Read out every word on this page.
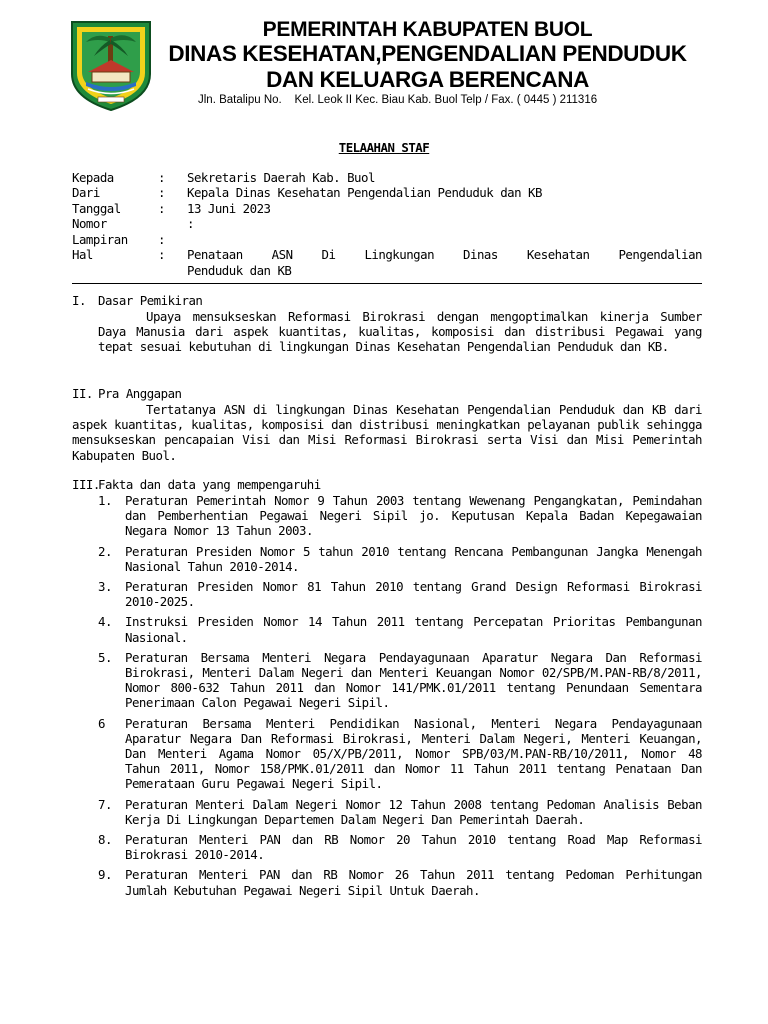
PEMERINTAH KABUPATEN BUOL
DINAS KESEHATAN,PENGENDALIAN PENDUDUK
DAN KELUARGA BERENCANA
Jln. Batalipu No.    Kel. Leok II Kec. Biau Kab. Buol Telp / Fax. ( 0445 ) 211316
TELAAHAN STAF
Kepada	: Sekretaris Daerah Kab. Buol
Dari	: Kepala Dinas Kesehatan Pengendalian Penduduk dan KB
Tanggal	: 13 Juni 2023
Nomor	:
Lampiran :
Hal	: Penataan ASN Di Lingkungan Dinas Kesehatan Pengendalian
Penduduk dan KB
I. Dasar Pemikiran

Upaya mensukseskan Reformasi Birokrasi dengan mengoptimalkan kinerja Sumber Daya Manusia dari aspek kuantitas, kualitas, komposisi dan distribusi Pegawai yang tepat sesuai kebutuhan di lingkungan Dinas Kesehatan Pengendalian Penduduk dan KB.

II. Pra Anggapan

Tertatanya ASN di lingkungan Dinas Kesehatan Pengendalian Penduduk dan KB dari aspek kuantitas, kualitas, komposisi dan distribusi meningkatkan pelayanan publik sehingga mensukseskan pencapaian Visi dan Misi Reformasi Birokrasi serta Visi dan Misi Pemerintah Kabupaten Buol.

III.
Fakta dan data yang mempengaruhi
1. Peraturan Pemerintah Nomor 9 Tahun 2003 tentang Wewenang Pengangkatan, Pemindahan dan Pemberhentian Pegawai Negeri Sipil jo. Keputusan Kepala Badan Kepegawaian Negara Nomor 13 Tahun 2003.
2. Peraturan Presiden Nomor 5 tahun 2010 tentang Rencana Pembangunan Jangka Menengah Nasional Tahun 2010-2014.
3. Peraturan Presiden Nomor 81 Tahun 2010 tentang Grand Design Reformasi Birokrasi 2010-2025.
4. Instruksi Presiden Nomor 14 Tahun 2011 tentang Percepatan Prioritas Pembangunan Nasional.
5. Peraturan Bersama Menteri Negara Pendayagunaan Aparatur Negara Dan Reformasi Birokrasi, Menteri Dalam Negeri dan Menteri Keuangan Nomor 02/SPB/M.PAN-RB/8/2011, Nomor 800-632 Tahun 2011 dan Nomor 141/PMK.01/2011 tentang Penundaan Sementara Penerimaan Calon Pegawai Negeri Sipil.
6 Peraturan Bersama Menteri Pendidikan Nasional, Menteri Negara Pendayagunaan Aparatur Negara Dan Reformasi Birokrasi, Menteri Dalam Negeri, Menteri Keuangan, Dan Menteri Agama Nomor 05/X/PB/2011, Nomor SPB/03/M.PAN-RB/10/2011, Nomor 48 Tahun 2011, Nomor 158/PMK.01/2011 dan Nomor 11 Tahun 2011 tentang Penataan Dan Pemerataan Guru Pegawai Negeri Sipil.
7. Peraturan Menteri Dalam Negeri Nomor 12 Tahun 2008 tentang Pedoman Analisis Beban Kerja Di Lingkungan Departemen Dalam Negeri Dan Pemerintah Daerah.
8. Peraturan Menteri PAN dan RB Nomor 20 Tahun 2010 tentang Road Map Reformasi Birokrasi 2010-2014.
9. Peraturan Menteri PAN dan RB Nomor 26 Tahun 2011 tentang Pedoman Perhitungan Jumlah Kebutuhan Pegawai Negeri Sipil Untuk Daerah.
